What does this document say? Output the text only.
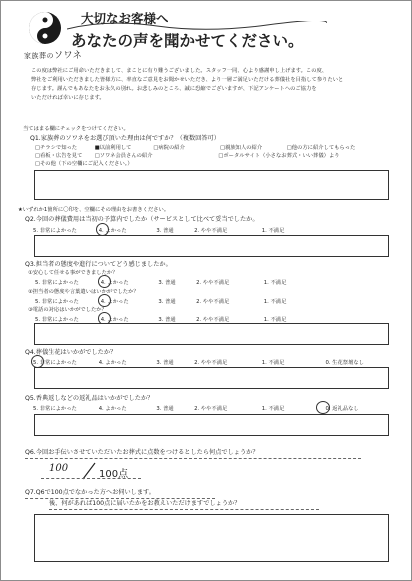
家族葬のソワネ
大切なお客様へ
あなたの声を聞かせてください。

この度は弊社にご用命いただきまして、まことに有り難うございました。スタッフ一同、心より感謝申し上げます。この度、

弊社をご利用いただきました皆様方に、率直なご意見をお聞かせいただき、より一層ご満足いただける葬儀社を目指して参りたいと

存じます。謹んでもあなたをお永久の別れ。お悲しみのところ、誠に恐縮でございますが、下記アンケートへのご協力を

いただければ幸いに存じます。

当てはまる欄にチェックをつけてください。
Q1.家族葬のソワネをお選び頂いた理由は何ですか？（複数回答可）
□チラシで知った	■以前利用して	□病院の紹介	□親族知人の紹介	□他の方に紹介してもらった
□看板・広告を見て □ソワネ会員さんの紹介	□ポータルサイト（小さなお葬式・いい葬儀）より
□その他（下の空欄にご記入ください。）
★いずれか1箇所に〇印を、空欄にその理由をお書きください。
Q2.今回の葬儀費用は当初の予算内でしたか（サービスとして比べて妥当でしたか。
5. 非常によかった	4. よかった	3. 普通	2. やや不満足	1. 不満足
Q3.担当者の態度や進行についてどう感じましたか。
①安心して任せる事ができましたか？
5. 非常によかった	4. よかった	3. 普通	2. やや不満足	1. 不満足
②担当者の態度や言葉遣いはいかがでしたか？
5. 非常によかった	4. よかった	3. 普通	2. やや不満足	1. 不満足
③電話の対応はいかがでしたか？
5. 非常によかった	4. よかった	3. 普通	2. やや不満足	1. 不満足
Q4.葬儀生花はいかがでしたか？
5. 非常によかった	4. よかった	3. 普通	2. やや不満足	1. 不満足	0. 生花祭壇なし
Q5.香典返しなどの返礼品はいかがでしたか？
5. 非常によかった	4. よかった	3. 普通	2. やや不満足	1. 不満足	0. 返礼品なし
Q6.今回お手伝いさせていただいたお葬式に点数をつけるとしたら何点でしょうか？
100
100点
Q7.Q6で100点でなかった方へお伺いします。
後、何があれば100点に届いたかをお教えいただけますでしょうか？
